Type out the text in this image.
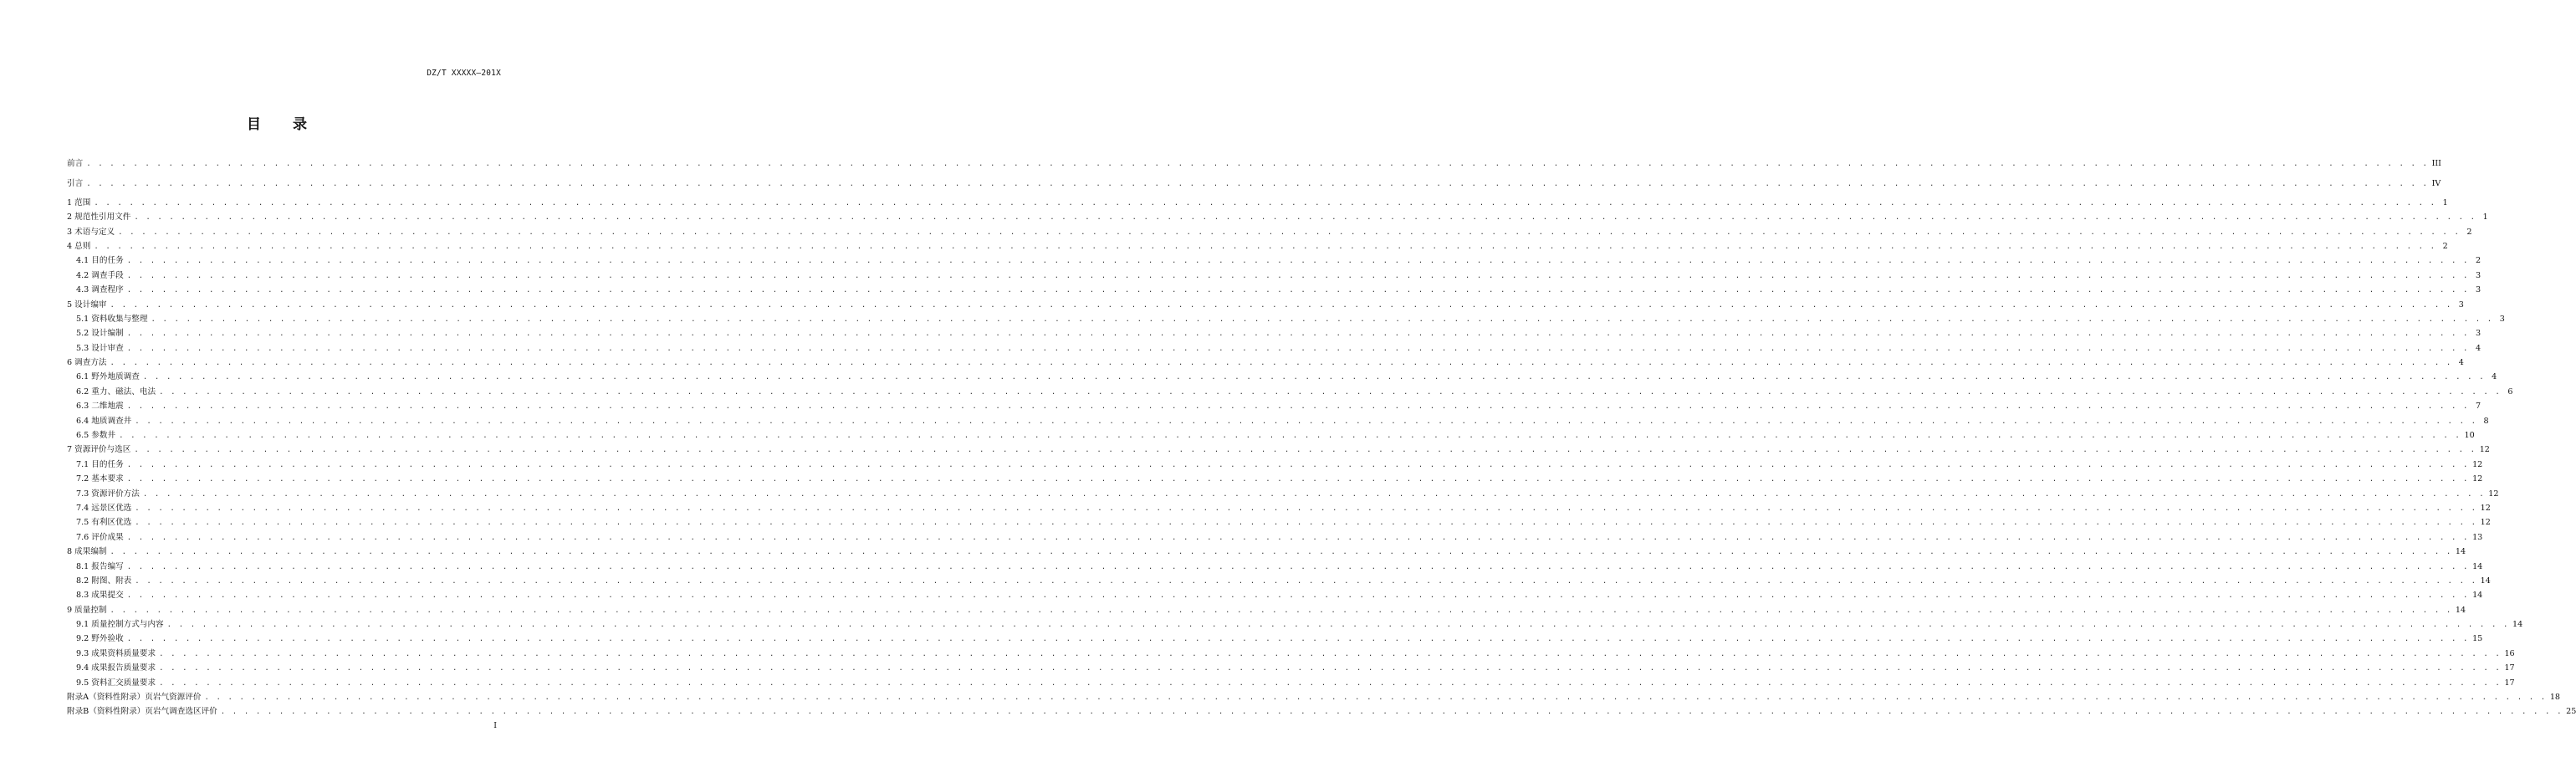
DZ/T XXXXX—201X
目 录
前言 . . . . . . . . . . . . . . . . . . . . . . . . . . . . . . . . . . . . . . . . . . . . . . . . . . . . . . . . . . . . . . . . . . . . . . . . . . . . . . . . . . . . . . . . . . . . . . . . . . . . . . . . . . . . . . . . . . . . . . . . . . . . . . . . . . . . . . . . . . . . . . . . . . . . . . . . . . . . . . . . . . . . . . . . . . . . . . . . . . . . . . . . . . . . . . . . . . . . . . . . III
引言 . . . . . . . . . . . . . . . . . . . . . . . . . . . . . . . . . . . . . . . . . . . . . . . . . . . . . . . . . . . . . . . . . . . . . . . . . . . . . . . . . . . . . . . . . . . . . . . . . . . . . . . . . . . . . . . . . . . . . . . . . . . . . . . . . . . . . . . . . . . . . . . . . . . . . . . . . . . . . . . . . . . . . . . . . . . . . . . . . . . . . . . . . . . . . . . . . . . . . . . . IV
1 范围 . . . . . . . . . . . . . . . . . . . . . . . . . . . . . . . . . . . . . . . . . . . . . . . . . . . . . . . . . . . . . . . . . . . . . . . . . . . . . . . . . . . . . . . . . . . . . . . . . . . . . . . . . . . . . . . . . . . . . . . . . . . . . . . . . . . . . . . . . . . . . . . . . . . . . . . . . . . . . . . . . . . . . . . . . . . . . . . . . . . . . . . . . . . . . . . . . . . . . . . . 1
2 规范性引用文件 . . . . . . . . . . . . . . . . . . . . . . . . . . . . . . . . . . . . . . . . . . . . . . . . . . . . . . . . . . . . . . . . . . . . . . . . . . . . . . . . . . . . . . . . . . . . . . . . . . . . . . . . . . . . . . . . . . . . . . . . . . . . . . . . . . . . . . . . . . . . . . . . . . . . . . . . . . . . . . . . . . . . . . . . . . . . . . . . . . . . . . . . . . . . . . . . . . . . . . . . 1
3 术语与定义 . . . . . . . . . . . . . . . . . . . . . . . . . . . . . . . . . . . . . . . . . . . . . . . . . . . . . . . . . . . . . . . . . . . . . . . . . . . . . . . . . . . . . . . . . . . . . . . . . . . . . . . . . . . . . . . . . . . . . . . . . . . . . . . . . . . . . . . . . . . . . . . . . . . . . . . . . . . . . . . . . . . . . . . . . . . . . . . . . . . . . . . . . . . . . . . . . . . . . . . . 2
4 总则 . . . . . . . . . . . . . . . . . . . . . . . . . . . . . . . . . . . . . . . . . . . . . . . . . . . . . . . . . . . . . . . . . . . . . . . . . . . . . . . . . . . . . . . . . . . . . . . . . . . . . . . . . . . . . . . . . . . . . . . . . . . . . . . . . . . . . . . . . . . . . . . . . . . . . . . . . . . . . . . . . . . . . . . . . . . . . . . . . . . . . . . . . . . . . . . . . . . . . . . . 2
4.1 目的任务 . . . . . . . . . . . . . . . . . . . . . . . . . . . . . . . . . . . . . . . . . . . . . . . . . . . . . . . . . . . . . . . . . . . . . . . . . . . . . . . . . . . . . . . . . . . . . . . . . . . . . . . . . . . . . . . . . . . . . . . . . . . . . . . . . . . . . . . . . . . . . . . . . . . . . . . . . . . . . . . . . . . . . . . . . . . . . . . . . . . . . . . . . . . . . . . . . . . . . . . . 2
4.2 调查手段 . . . . . . . . . . . . . . . . . . . . . . . . . . . . . . . . . . . . . . . . . . . . . . . . . . . . . . . . . . . . . . . . . . . . . . . . . . . . . . . . . . . . . . . . . . . . . . . . . . . . . . . . . . . . . . . . . . . . . . . . . . . . . . . . . . . . . . . . . . . . . . . . . . . . . . . . . . . . . . . . . . . . . . . . . . . . . . . . . . . . . . . . . . . . . . . . . . . . . . . . 3
4.3 调查程序 . . . . . . . . . . . . . . . . . . . . . . . . . . . . . . . . . . . . . . . . . . . . . . . . . . . . . . . . . . . . . . . . . . . . . . . . . . . . . . . . . . . . . . . . . . . . . . . . . . . . . . . . . . . . . . . . . . . . . . . . . . . . . . . . . . . . . . . . . . . . . . . . . . . . . . . . . . . . . . . . . . . . . . . . . . . . . . . . . . . . . . . . . . . . . . . . . . . . . . . . 3
5 设计编审 . . . . . . . . . . . . . . . . . . . . . . . . . . . . . . . . . . . . . . . . . . . . . . . . . . . . . . . . . . . . . . . . . . . . . . . . . . . . . . . . . . . . . . . . . . . . . . . . . . . . . . . . . . . . . . . . . . . . . . . . . . . . . . . . . . . . . . . . . . . . . . . . . . . . . . . . . . . . . . . . . . . . . . . . . . . . . . . . . . . . . . . . . . . . . . . . . . . . . . . . 3
5.1 资料收集与整理 . . . . . . . . . . . . . . . . . . . . . . . . . . . . . . . . . . . . . . . . . . . . . . . . . . . . . . . . . . . . . . . . . . . . . . . . . . . . . . . . . . . . . . . . . . . . . . . . . . . . . . . . . . . . . . . . . . . . . . . . . . . . . . . . . . . . . . . . . . . . . . . . . . . . . . . . . . . . . . . . . . . . . . . . . . . . . . . . . . . . . . . . . . . . . . . . . . . . . . . . 3
5.2 设计编制 . . . . . . . . . . . . . . . . . . . . . . . . . . . . . . . . . . . . . . . . . . . . . . . . . . . . . . . . . . . . . . . . . . . . . . . . . . . . . . . . . . . . . . . . . . . . . . . . . . . . . . . . . . . . . . . . . . . . . . . . . . . . . . . . . . . . . . . . . . . . . . . . . . . . . . . . . . . . . . . . . . . . . . . . . . . . . . . . . . . . . . . . . . . . . . . . . . . . . . . . 3
5.3 设计审查 . . . . . . . . . . . . . . . . . . . . . . . . . . . . . . . . . . . . . . . . . . . . . . . . . . . . . . . . . . . . . . . . . . . . . . . . . . . . . . . . . . . . . . . . . . . . . . . . . . . . . . . . . . . . . . . . . . . . . . . . . . . . . . . . . . . . . . . . . . . . . . . . . . . . . . . . . . . . . . . . . . . . . . . . . . . . . . . . . . . . . . . . . . . . . . . . . . . . . . . . 4
6 调查方法 . . . . . . . . . . . . . . . . . . . . . . . . . . . . . . . . . . . . . . . . . . . . . . . . . . . . . . . . . . . . . . . . . . . . . . . . . . . . . . . . . . . . . . . . . . . . . . . . . . . . . . . . . . . . . . . . . . . . . . . . . . . . . . . . . . . . . . . . . . . . . . . . . . . . . . . . . . . . . . . . . . . . . . . . . . . . . . . . . . . . . . . . . . . . . . . . . . . . . . . . 4
6.1 野外地质调查 . . . . . . . . . . . . . . . . . . . . . . . . . . . . . . . . . . . . . . . . . . . . . . . . . . . . . . . . . . . . . . . . . . . . . . . . . . . . . . . . . . . . . . . . . . . . . . . . . . . . . . . . . . . . . . . . . . . . . . . . . . . . . . . . . . . . . . . . . . . . . . . . . . . . . . . . . . . . . . . . . . . . . . . . . . . . . . . . . . . . . . . . . . . . . . . . . . . . . . . . 4
6.2 重力、磁法、电法 . . . . . . . . . . . . . . . . . . . . . . . . . . . . . . . . . . . . . . . . . . . . . . . . . . . . . . . . . . . . . . . . . . . . . . . . . . . . . . . . . . . . . . . . . . . . . . . . . . . . . . . . . . . . . . . . . . . . . . . . . . . . . . . . . . . . . . . . . . . . . . . . . . . . . . . . . . . . . . . . . . . . . . . . . . . . . . . . . . . . . . . . . . . . . . . . . . . . . . . . 6
6.3 二维地震 . . . . . . . . . . . . . . . . . . . . . . . . . . . . . . . . . . . . . . . . . . . . . . . . . . . . . . . . . . . . . . . . . . . . . . . . . . . . . . . . . . . . . . . . . . . . . . . . . . . . . . . . . . . . . . . . . . . . . . . . . . . . . . . . . . . . . . . . . . . . . . . . . . . . . . . . . . . . . . . . . . . . . . . . . . . . . . . . . . . . . . . . . . . . . . . . . . . . . . . . 7
6.4 地质调查井 . . . . . . . . . . . . . . . . . . . . . . . . . . . . . . . . . . . . . . . . . . . . . . . . . . . . . . . . . . . . . . . . . . . . . . . . . . . . . . . . . . . . . . . . . . . . . . . . . . . . . . . . . . . . . . . . . . . . . . . . . . . . . . . . . . . . . . . . . . . . . . . . . . . . . . . . . . . . . . . . . . . . . . . . . . . . . . . . . . . . . . . . . . . . . . . . . . . . . . . . 8
6.5 参数井 . . . . . . . . . . . . . . . . . . . . . . . . . . . . . . . . . . . . . . . . . . . . . . . . . . . . . . . . . . . . . . . . . . . . . . . . . . . . . . . . . . . . . . . . . . . . . . . . . . . . . . . . . . . . . . . . . . . . . . . . . . . . . . . . . . . . . . . . . . . . . . . . . . . . . . . . . . . . . . . . . . . . . . . . . . . . . . . . . . . . . . . . . . . . . . . . . . . . . . . . 10
7 资源评价与选区 . . . . . . . . . . . . . . . . . . . . . . . . . . . . . . . . . . . . . . . . . . . . . . . . . . . . . . . . . . . . . . . . . . . . . . . . . . . . . . . . . . . . . . . . . . . . . . . . . . . . . . . . . . . . . . . . . . . . . . . . . . . . . . . . . . . . . . . . . . . . . . . . . . . . . . . . . . . . . . . . . . . . . . . . . . . . . . . . . . . . . . . . . . . . . . . . . . . . . . . . 12
7.1 目的任务 . . . . . . . . . . . . . . . . . . . . . . . . . . . . . . . . . . . . . . . . . . . . . . . . . . . . . . . . . . . . . . . . . . . . . . . . . . . . . . . . . . . . . . . . . . . . . . . . . . . . . . . . . . . . . . . . . . . . . . . . . . . . . . . . . . . . . . . . . . . . . . . . . . . . . . . . . . . . . . . . . . . . . . . . . . . . . . . . . . . . . . . . . . . . . . . . . . . . . . . . 12
7.2 基本要求 . . . . . . . . . . . . . . . . . . . . . . . . . . . . . . . . . . . . . . . . . . . . . . . . . . . . . . . . . . . . . . . . . . . . . . . . . . . . . . . . . . . . . . . . . . . . . . . . . . . . . . . . . . . . . . . . . . . . . . . . . . . . . . . . . . . . . . . . . . . . . . . . . . . . . . . . . . . . . . . . . . . . . . . . . . . . . . . . . . . . . . . . . . . . . . . . . . . . . . . . 12
7.3 资源评价方法 . . . . . . . . . . . . . . . . . . . . . . . . . . . . . . . . . . . . . . . . . . . . . . . . . . . . . . . . . . . . . . . . . . . . . . . . . . . . . . . . . . . . . . . . . . . . . . . . . . . . . . . . . . . . . . . . . . . . . . . . . . . . . . . . . . . . . . . . . . . . . . . . . . . . . . . . . . . . . . . . . . . . . . . . . . . . . . . . . . . . . . . . . . . . . . . . . . . . . . . . 12
7.4 远景区优选 . . . . . . . . . . . . . . . . . . . . . . . . . . . . . . . . . . . . . . . . . . . . . . . . . . . . . . . . . . . . . . . . . . . . . . . . . . . . . . . . . . . . . . . . . . . . . . . . . . . . . . . . . . . . . . . . . . . . . . . . . . . . . . . . . . . . . . . . . . . . . . . . . . . . . . . . . . . . . . . . . . . . . . . . . . . . . . . . . . . . . . . . . . . . . . . . . . . . . . . . 12
7.5 有利区优选 . . . . . . . . . . . . . . . . . . . . . . . . . . . . . . . . . . . . . . . . . . . . . . . . . . . . . . . . . . . . . . . . . . . . . . . . . . . . . . . . . . . . . . . . . . . . . . . . . . . . . . . . . . . . . . . . . . . . . . . . . . . . . . . . . . . . . . . . . . . . . . . . . . . . . . . . . . . . . . . . . . . . . . . . . . . . . . . . . . . . . . . . . . . . . . . . . . . . . . . . 12
7.6 评价成果 . . . . . . . . . . . . . . . . . . . . . . . . . . . . . . . . . . . . . . . . . . . . . . . . . . . . . . . . . . . . . . . . . . . . . . . . . . . . . . . . . . . . . . . . . . . . . . . . . . . . . . . . . . . . . . . . . . . . . . . . . . . . . . . . . . . . . . . . . . . . . . . . . . . . . . . . . . . . . . . . . . . . . . . . . . . . . . . . . . . . . . . . . . . . . . . . . . . . . . . . 13
8 成果编制 . . . . . . . . . . . . . . . . . . . . . . . . . . . . . . . . . . . . . . . . . . . . . . . . . . . . . . . . . . . . . . . . . . . . . . . . . . . . . . . . . . . . . . . . . . . . . . . . . . . . . . . . . . . . . . . . . . . . . . . . . . . . . . . . . . . . . . . . . . . . . . . . . . . . . . . . . . . . . . . . . . . . . . . . . . . . . . . . . . . . . . . . . . . . . . . . . . . . . . . . 14
8.1 报告编写 . . . . . . . . . . . . . . . . . . . . . . . . . . . . . . . . . . . . . . . . . . . . . . . . . . . . . . . . . . . . . . . . . . . . . . . . . . . . . . . . . . . . . . . . . . . . . . . . . . . . . . . . . . . . . . . . . . . . . . . . . . . . . . . . . . . . . . . . . . . . . . . . . . . . . . . . . . . . . . . . . . . . . . . . . . . . . . . . . . . . . . . . . . . . . . . . . . . . . . . . 14
8.2 附图、附表 . . . . . . . . . . . . . . . . . . . . . . . . . . . . . . . . . . . . . . . . . . . . . . . . . . . . . . . . . . . . . . . . . . . . . . . . . . . . . . . . . . . . . . . . . . . . . . . . . . . . . . . . . . . . . . . . . . . . . . . . . . . . . . . . . . . . . . . . . . . . . . . . . . . . . . . . . . . . . . . . . . . . . . . . . . . . . . . . . . . . . . . . . . . . . . . . . . . . . . . . 14
8.3 成果提交 . . . . . . . . . . . . . . . . . . . . . . . . . . . . . . . . . . . . . . . . . . . . . . . . . . . . . . . . . . . . . . . . . . . . . . . . . . . . . . . . . . . . . . . . . . . . . . . . . . . . . . . . . . . . . . . . . . . . . . . . . . . . . . . . . . . . . . . . . . . . . . . . . . . . . . . . . . . . . . . . . . . . . . . . . . . . . . . . . . . . . . . . . . . . . . . . . . . . . . . . 14
9 质量控制 . . . . . . . . . . . . . . . . . . . . . . . . . . . . . . . . . . . . . . . . . . . . . . . . . . . . . . . . . . . . . . . . . . . . . . . . . . . . . . . . . . . . . . . . . . . . . . . . . . . . . . . . . . . . . . . . . . . . . . . . . . . . . . . . . . . . . . . . . . . . . . . . . . . . . . . . . . . . . . . . . . . . . . . . . . . . . . . . . . . . . . . . . . . . . . . . . . . . . . . . 14
9.1 质量控制方式与内容 . . . . . . . . . . . . . . . . . . . . . . . . . . . . . . . . . . . . . . . . . . . . . . . . . . . . . . . . . . . . . . . . . . . . . . . . . . . . . . . . . . . . . . . . . . . . . . . . . . . . . . . . . . . . . . . . . . . . . . . . . . . . . . . . . . . . . . . . . . . . . . . . . . . . . . . . . . . . . . . . . . . . . . . . . . . . . . . . . . . . . . . . . . . . . . . . . . . . . . . . 14
9.2 野外验收 . . . . . . . . . . . . . . . . . . . . . . . . . . . . . . . . . . . . . . . . . . . . . . . . . . . . . . . . . . . . . . . . . . . . . . . . . . . . . . . . . . . . . . . . . . . . . . . . . . . . . . . . . . . . . . . . . . . . . . . . . . . . . . . . . . . . . . . . . . . . . . . . . . . . . . . . . . . . . . . . . . . . . . . . . . . . . . . . . . . . . . . . . . . . . . . . . . . . . . . . 15
9.3 成果资料质量要求 . . . . . . . . . . . . . . . . . . . . . . . . . . . . . . . . . . . . . . . . . . . . . . . . . . . . . . . . . . . . . . . . . . . . . . . . . . . . . . . . . . . . . . . . . . . . . . . . . . . . . . . . . . . . . . . . . . . . . . . . . . . . . . . . . . . . . . . . . . . . . . . . . . . . . . . . . . . . . . . . . . . . . . . . . . . . . . . . . . . . . . . . . . . . . . . . . . . . . . . . 16
9.4 成果报告质量要求 . . . . . . . . . . . . . . . . . . . . . . . . . . . . . . . . . . . . . . . . . . . . . . . . . . . . . . . . . . . . . . . . . . . . . . . . . . . . . . . . . . . . . . . . . . . . . . . . . . . . . . . . . . . . . . . . . . . . . . . . . . . . . . . . . . . . . . . . . . . . . . . . . . . . . . . . . . . . . . . . . . . . . . . . . . . . . . . . . . . . . . . . . . . . . . . . . . . . . . . . 17
9.5 资料汇交质量要求 . . . . . . . . . . . . . . . . . . . . . . . . . . . . . . . . . . . . . . . . . . . . . . . . . . . . . . . . . . . . . . . . . . . . . . . . . . . . . . . . . . . . . . . . . . . . . . . . . . . . . . . . . . . . . . . . . . . . . . . . . . . . . . . . . . . . . . . . . . . . . . . . . . . . . . . . . . . . . . . . . . . . . . . . . . . . . . . . . . . . . . . . . . . . . . . . . . . . . . . . 17
附录A（资料性附录）页岩气资源评价 . . . . . . . . . . . . . . . . . . . . . . . . . . . . . . . . . . . . . . . . . . . . . . . . . . . . . . . . . . . . . . . . . . . . . . . . . . . . . . . . . . . . . . . . . . . . . . . . . . . . . . . . . . . . . . . . . . . . . . . . . . . . . . . . . . . . . . . . . . . . . . . . . . . . . . . . . . . . . . . . . . . . . . . . . . . . . . . . . . . . . . . . . . . . . . . . . . . . . . . . 18
附录B（资料性附录）页岩气调查选区评价 . . . . . . . . . . . . . . . . . . . . . . . . . . . . . . . . . . . . . . . . . . . . . . . . . . . . . . . . . . . . . . . . . . . . . . . . . . . . . . . . . . . . . . . . . . . . . . . . . . . . . . . . . . . . . . . . . . . . . . . . . . . . . . . . . . . . . . . . . . . . . . . . . . . . . . . . . . . . . . . . . . . . . . . . . . . . . . . . . . . . . . . . . . . . . . . . . . . . . . . . 25
I
